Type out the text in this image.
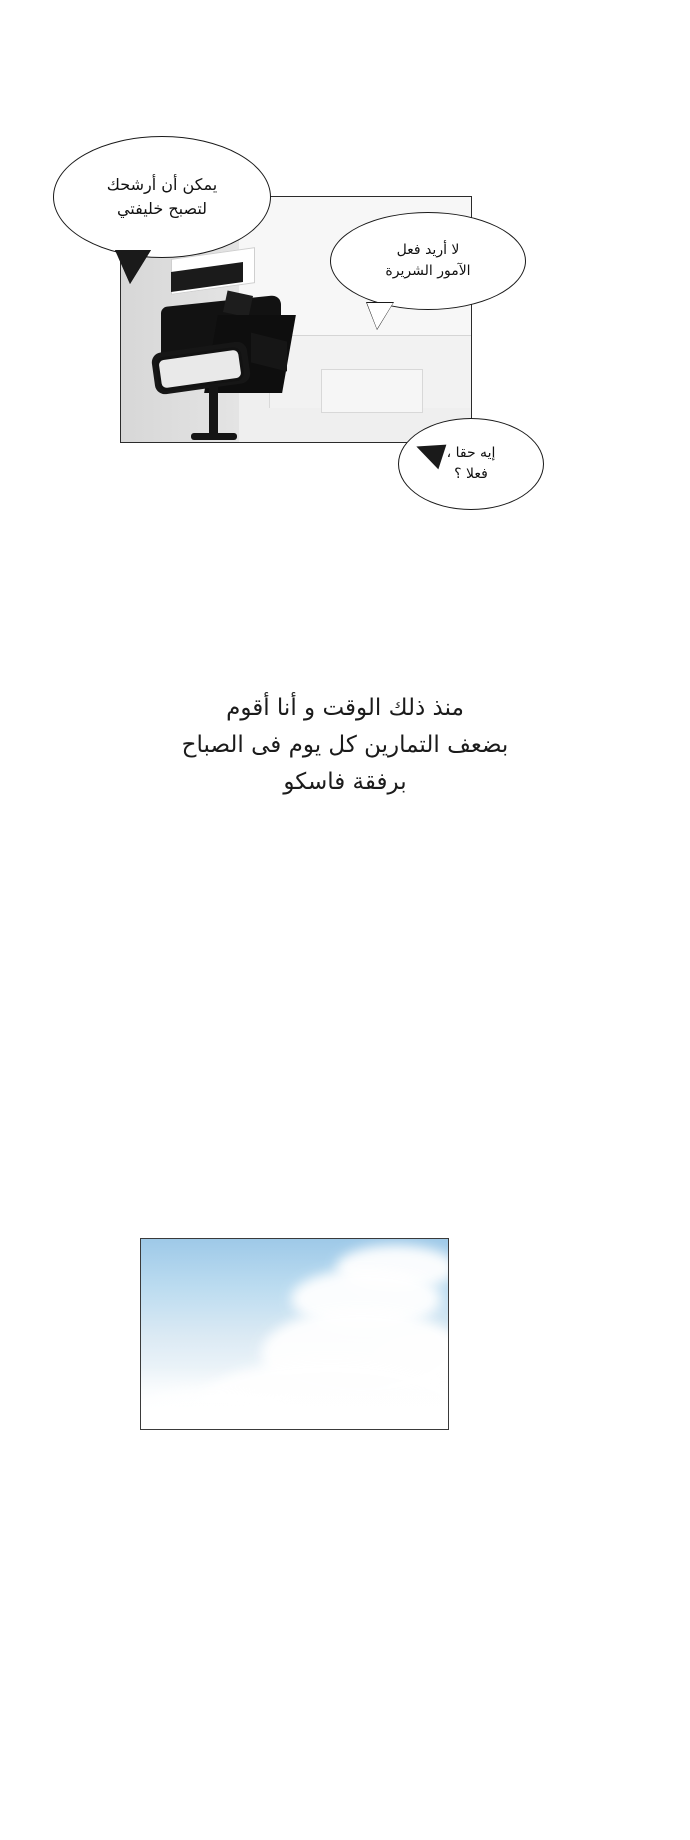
يمكن أن أرشحك
لتصبح خليفتي
لا أريد فعل
الآمور الشريرة
إيه حقا ،
فعلا ؟
منذ ذلك الوقت و أنا أقوم
بضعف التمارين كل يوم فى الصباح
برفقة فاسكو
